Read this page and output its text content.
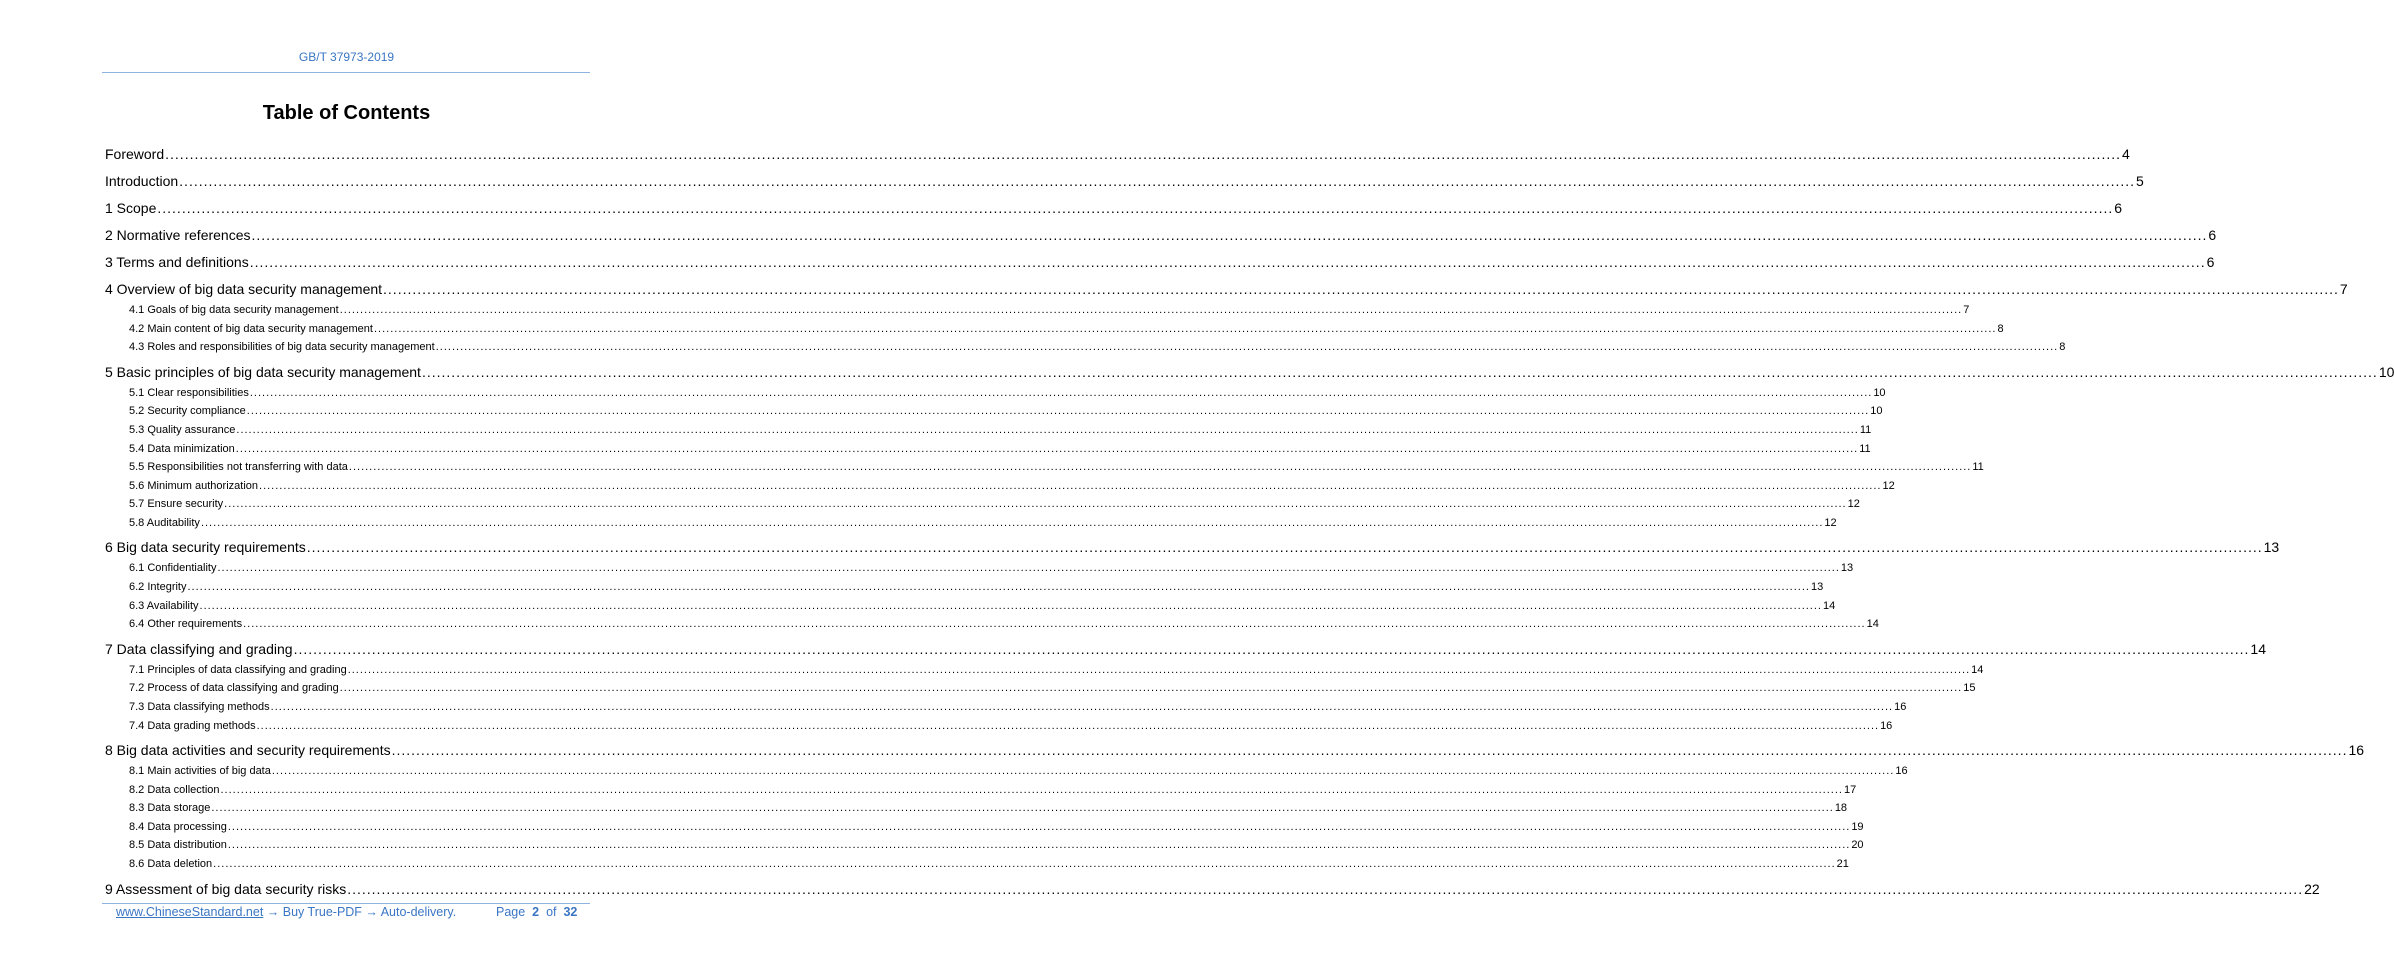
GB/T 37973-2019
Table of Contents
Foreword ................................................................................................................................................................................................................................................................................................................................................................................................................ 4
Introduction ................................................................................................................................................................................................................................................................................................................................................................................................................ 5
1 Scope ................................................................................................................................................................................................................................................................................................................................................................................................................ 6
2 Normative references ................................................................................................................................................................................................................................................................................................................................................................................................................ 6
3 Terms and definitions ................................................................................................................................................................................................................................................................................................................................................................................................................ 6
4 Overview of big data security management ................................................................................................................................................................................................................................................................................................................................................................................................................ 7
4.1 Goals of big data security management ................................................................................................................................................................................................................................................................................................................................................................................................................ 7
4.2 Main content of big data security management ................................................................................................................................................................................................................................................................................................................................................................................................................ 8
4.3 Roles and responsibilities of big data security management ................................................................................................................................................................................................................................................................................................................................................................................................................ 8
5 Basic principles of big data security management ................................................................................................................................................................................................................................................................................................................................................................................................................ 10
5.1 Clear responsibilities ................................................................................................................................................................................................................................................................................................................................................................................................................ 10
5.2 Security compliance ................................................................................................................................................................................................................................................................................................................................................................................................................ 10
5.3 Quality assurance ................................................................................................................................................................................................................................................................................................................................................................................................................ 11
5.4 Data minimization ................................................................................................................................................................................................................................................................................................................................................................................................................ 11
5.5 Responsibilities not transferring with data ................................................................................................................................................................................................................................................................................................................................................................................................................ 11
5.6 Minimum authorization ................................................................................................................................................................................................................................................................................................................................................................................................................ 12
5.7 Ensure security ................................................................................................................................................................................................................................................................................................................................................................................................................ 12
5.8 Auditability ................................................................................................................................................................................................................................................................................................................................................................................................................ 12
6 Big data security requirements ................................................................................................................................................................................................................................................................................................................................................................................................................ 13
6.1 Confidentiality ................................................................................................................................................................................................................................................................................................................................................................................................................ 13
6.2 Integrity ................................................................................................................................................................................................................................................................................................................................................................................................................ 13
6.3 Availability ................................................................................................................................................................................................................................................................................................................................................................................................................ 14
6.4 Other requirements ................................................................................................................................................................................................................................................................................................................................................................................................................ 14
7 Data classifying and grading ................................................................................................................................................................................................................................................................................................................................................................................................................ 14
7.1 Principles of data classifying and grading ................................................................................................................................................................................................................................................................................................................................................................................................................ 14
7.2 Process of data classifying and grading ................................................................................................................................................................................................................................................................................................................................................................................................................ 15
7.3 Data classifying methods ................................................................................................................................................................................................................................................................................................................................................................................................................ 16
7.4 Data grading methods ................................................................................................................................................................................................................................................................................................................................................................................................................ 16
8 Big data activities and security requirements ................................................................................................................................................................................................................................................................................................................................................................................................................ 16
8.1 Main activities of big data ................................................................................................................................................................................................................................................................................................................................................................................................................ 16
8.2 Data collection ................................................................................................................................................................................................................................................................................................................................................................................................................ 17
8.3 Data storage ................................................................................................................................................................................................................................................................................................................................................................................................................ 18
8.4 Data processing ................................................................................................................................................................................................................................................................................................................................................................................................................ 19
8.5 Data distribution ................................................................................................................................................................................................................................................................................................................................................................................................................ 20
8.6 Data deletion ................................................................................................................................................................................................................................................................................................................................................................................................................ 21
9 Assessment of big data security risks ................................................................................................................................................................................................................................................................................................................................................................................................................ 22
www.ChineseStandard.net → Buy True-PDF → Auto-delivery.	Page 2 of 32
